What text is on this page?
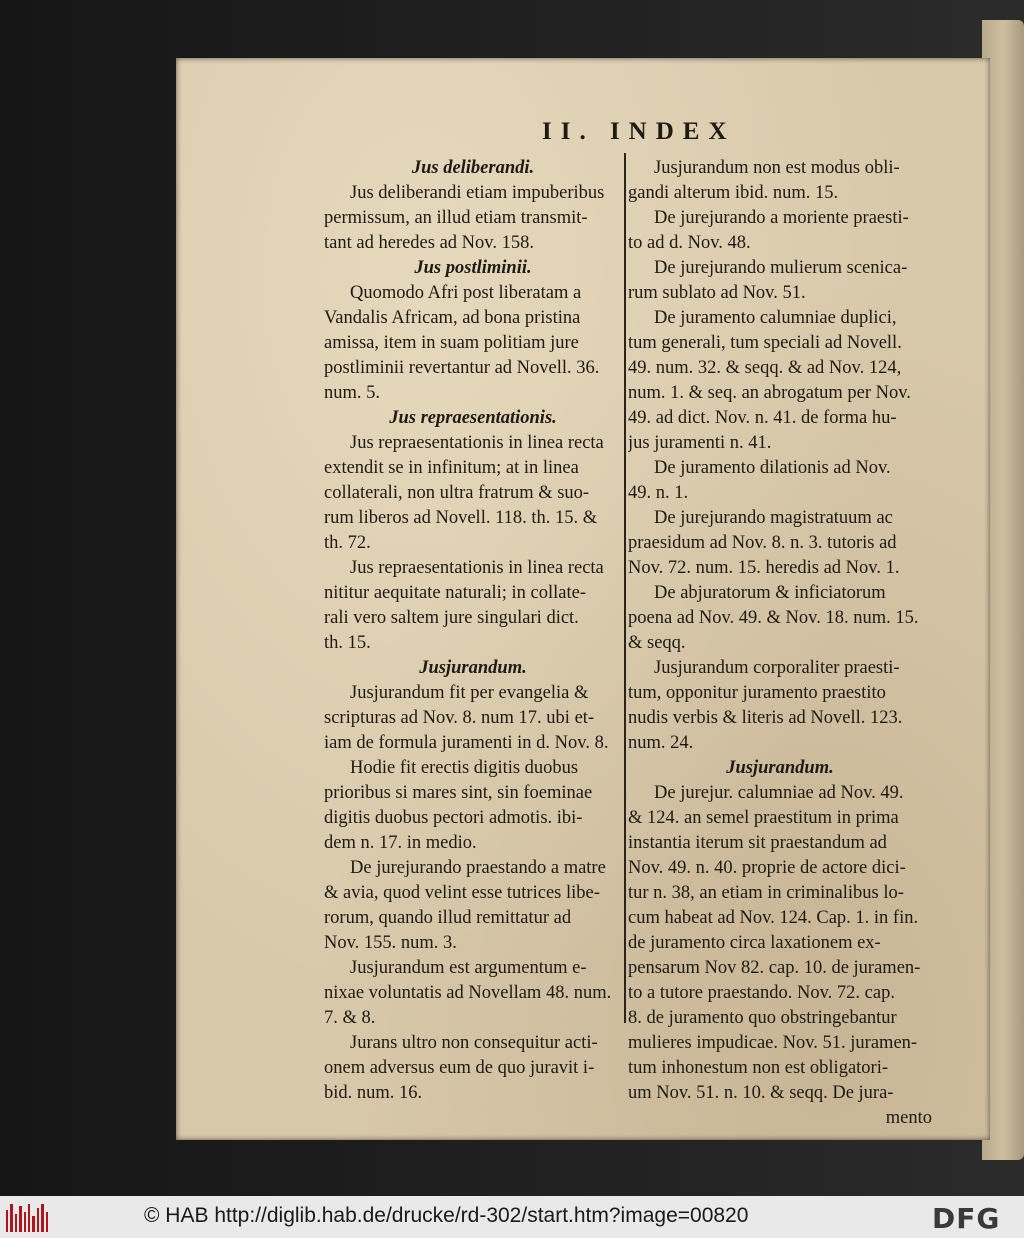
II. INDEX
Jus deliberandi.
Jus deliberandi etiam impuberibus
permissum, an illud etiam transmit-
tant ad heredes ad Nov. 158.
Jus postliminii.
Quomodo Afri post liberatam a
Vandalis Africam, ad bona pristina
amissa, item in suam politiam jure
postliminii revertantur ad Novell. 36.
num. 5.
Jus repraesentationis.
Jus repraesentationis in linea recta
extendit se in infinitum; at in linea
collaterali, non ultra fratrum & suo-
rum liberos ad Novell. 118. th. 15. &
th. 72.
Jus repraesentationis in linea recta
nititur aequitate naturali; in collate-
rali vero saltem jure singulari dict.
th. 15.
Jusjurandum.
Jusjurandum fit per evangelia &
scripturas ad Nov. 8. num 17. ubi et-
iam de formula juramenti in d. Nov. 8.
Hodie fit erectis digitis duobus
prioribus si mares sint, sin foeminae
digitis duobus pectori admotis. ibi-
dem n. 17. in medio.
De jurejurando praestando a matre
& avia, quod velint esse tutrices libe-
rorum, quando illud remittatur ad
Nov. 155. num. 3.
Jusjurandum est argumentum e-
nixae voluntatis ad Novellam 48. num.
7. & 8.
Jurans ultro non consequitur acti-
onem adversus eum de quo juravit i-
bid. num. 16.
Jusjurandum non est modus obli-
gandi alterum ibid. num. 15.
De jurejurando a moriente praesti-
to ad d. Nov. 48.
De jurejurando mulierum scenica-
rum sublato ad Nov. 51.
De juramento calumniae duplici,
tum generali, tum speciali ad Novell.
49. num. 32. & seqq. & ad Nov. 124,
num. 1. & seq. an abrogatum per Nov.
49. ad dict. Nov. n. 41. de forma hu-
jus juramenti n. 41.
De juramento dilationis ad Nov.
49. n. 1.
De jurejurando magistratuum ac
praesidum ad Nov. 8. n. 3. tutoris ad
Nov. 72. num. 15. heredis ad Nov. 1.
De abjuratorum & inficiatorum
poena ad Nov. 49. & Nov. 18. num. 15.
& seqq.
Jusjurandum corporaliter praesti-
tum, opponitur juramento praestito
nudis verbis & literis ad Novell. 123.
num. 24.
Jusjurandum.
De jurejur. calumniae ad Nov. 49.
& 124. an semel praestitum in prima
instantia iterum sit praestandum ad
Nov. 49. n. 40. proprie de actore dici-
tur n. 38, an etiam in criminalibus lo-
cum habeat ad Nov. 124. Cap. 1. in fin.
de juramento circa laxationem ex-
pensarum Nov 82. cap. 10. de juramen-
to a tutore praestando. Nov. 72. cap.
8. de juramento quo obstringebantur
mulieres impudicae. Nov. 51. juramen-
tum inhonestum non est obligatori-
um Nov. 51. n. 10. & seqq. De jura-
mento
© HAB http://diglib.hab.de/drucke/rd-302/start.htm?image=00820	DFG
